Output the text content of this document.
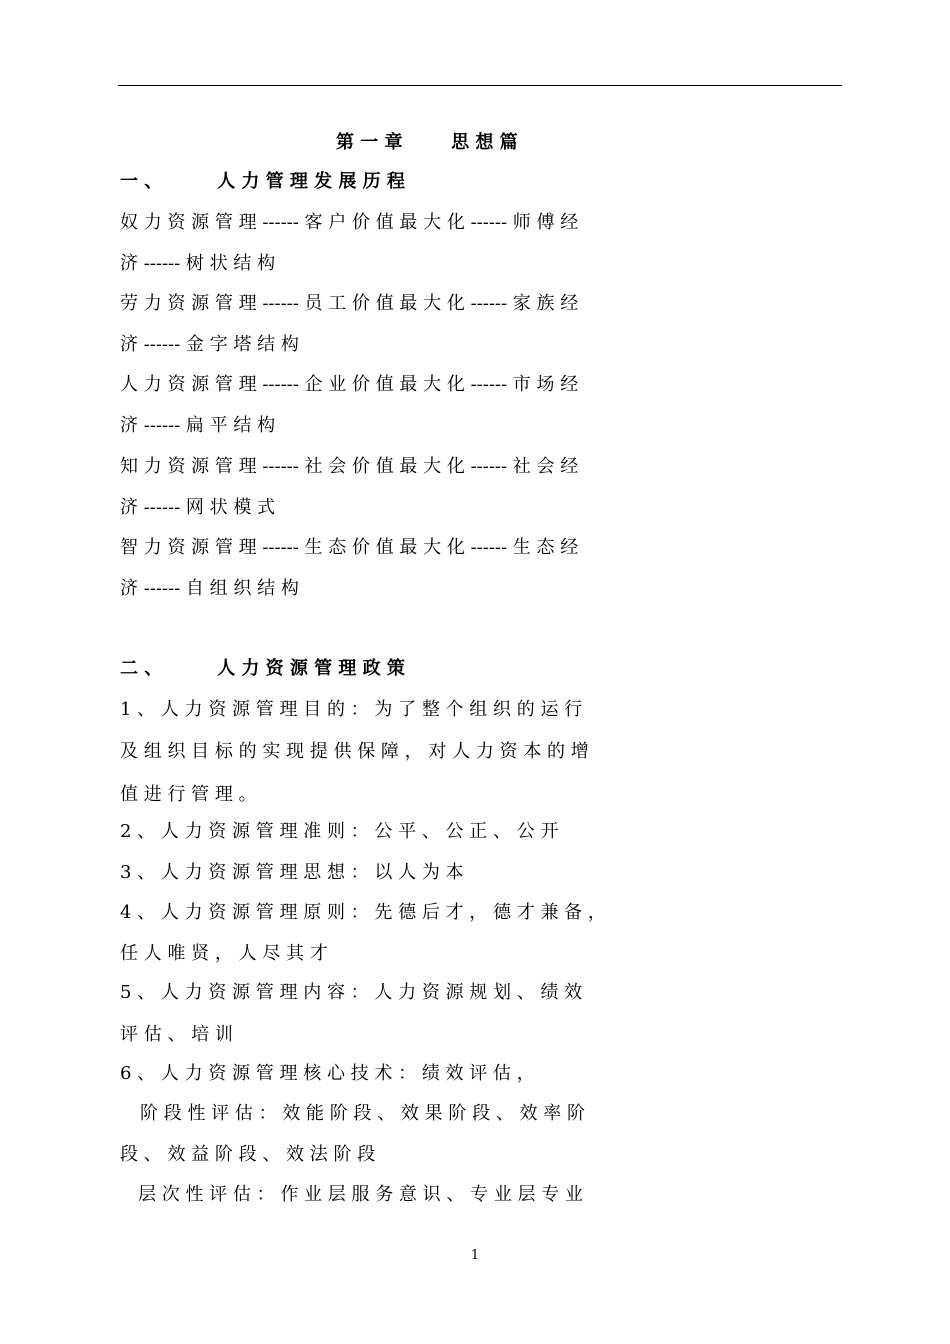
第 一 章 　　 思 想 篇
一 、 　 　 人 力 管 理 发 展 历 程
奴 力 资 源 管 理 ------ 客 户 价 值 最 大 化 ------ 师 傅 经
济 ------ 树 状 结 构
劳 力 资 源 管 理 ------ 员 工 价 值 最 大 化 ------ 家 族 经
济 ------ 金 字 塔 结 构
人 力 资 源 管 理 ------ 企 业 价 值 最 大 化 ------ 市 场 经
济 ------ 扁 平 结 构
知 力 资 源 管 理 ------ 社 会 价 值 最 大 化 ------ 社 会 经
济 ------ 网 状 模 式
智 力 资 源 管 理 ------ 生 态 价 值 最 大 化 ------ 生 态 经
济 ------ 自 组 织 结 构
二 、 　 　 人 力 资 源 管 理 政 策
1 、 人 力 资 源 管 理 目 的 ： 为 了 整 个 组 织 的 运 行
及 组 织 目 标 的 实 现 提 供 保 障 ， 对 人 力 资 本 的 增
值 进 行 管 理 。
2 、 人 力 资 源 管 理 准 则 ： 公 平 、 公 正 、 公 开
3 、 人 力 资 源 管 理 思 想 ： 以 人 为 本
4 、 人 力 资 源 管 理 原 则 ： 先 德 后 才 ， 德 才 兼 备 ，
任 人 唯 贤 ， 人 尽 其 才
5 、 人 力 资 源 管 理 内 容 ： 人 力 资 源 规 划 、 绩 效
评 估 、 培 训
6 、 人 力 资 源 管 理 核 心 技 术 ： 绩 效 评 估 ，
阶 段 性 评 估 ： 效 能 阶 段 、 效 果 阶 段 、 效 率 阶
段 、 效 益 阶 段 、 效 法 阶 段
层 次 性 评 估 ： 作 业 层 服 务 意 识 、 专 业 层 专 业
1
